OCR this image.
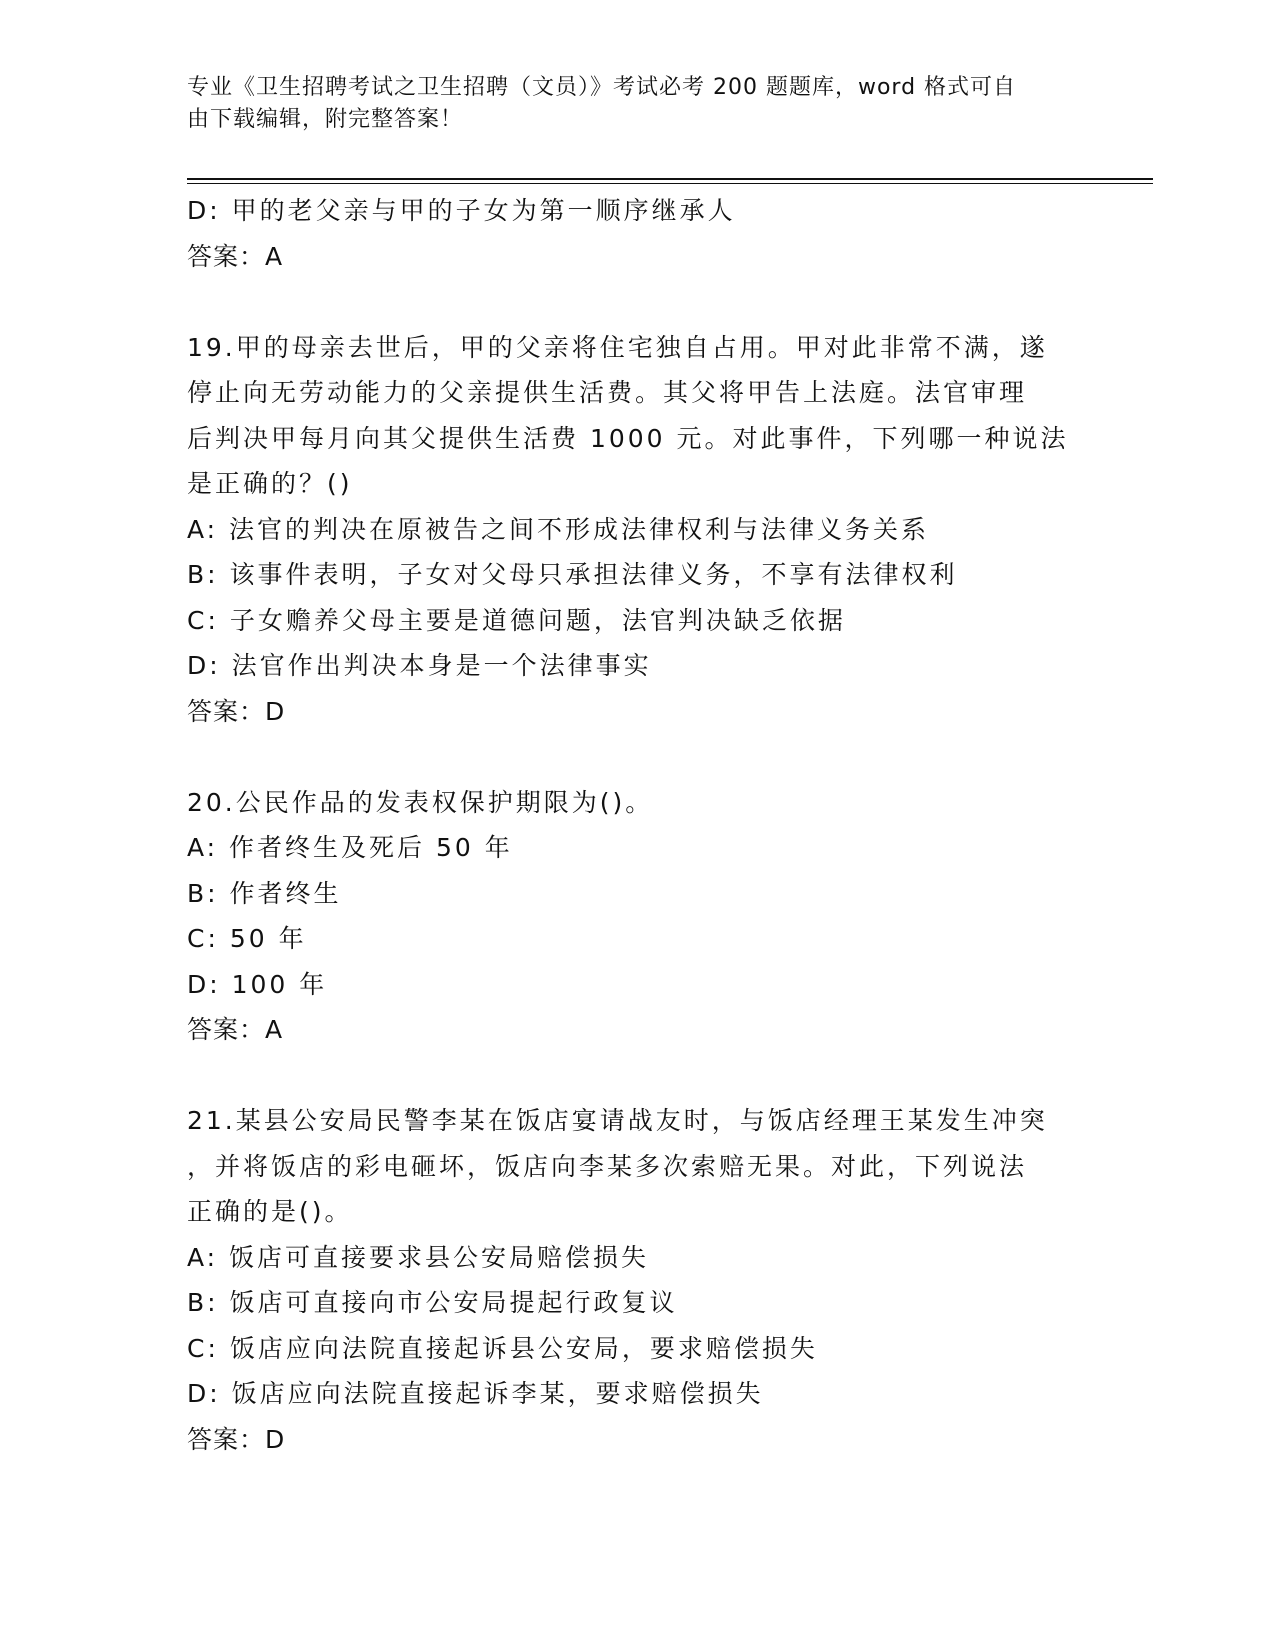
专业《卫生招聘考试之卫生招聘（文员）》考试必考 200 题题库，word 格式可自
由下载编辑，附完整答案！
D: 甲的老父亲与甲的子女为第一顺序继承人
答案：A
19.甲的母亲去世后，甲的父亲将住宅独自占用。甲对此非常不满，遂
停止向无劳动能力的父亲提供生活费。其父将甲告上法庭。法官审理
后判决甲每月向其父提供生活费 1000 元。对此事件，下列哪一种说法
是正确的？()
A: 法官的判决在原被告之间不形成法律权利与法律义务关系
B: 该事件表明，子女对父母只承担法律义务，不享有法律权利
C: 子女赡养父母主要是道德问题，法官判决缺乏依据
D: 法官作出判决本身是一个法律事实
答案：D
20.公民作品的发表权保护期限为()。
A: 作者终生及死后 50 年
B: 作者终生
C: 50 年
D: 100 年
答案：A
21.某县公安局民警李某在饭店宴请战友时，与饭店经理王某发生冲突
，并将饭店的彩电砸坏，饭店向李某多次索赔无果。对此，下列说法
正确的是()。
A: 饭店可直接要求县公安局赔偿损失
B: 饭店可直接向市公安局提起行政复议
C: 饭店应向法院直接起诉县公安局，要求赔偿损失
D: 饭店应向法院直接起诉李某，要求赔偿损失
答案：D
